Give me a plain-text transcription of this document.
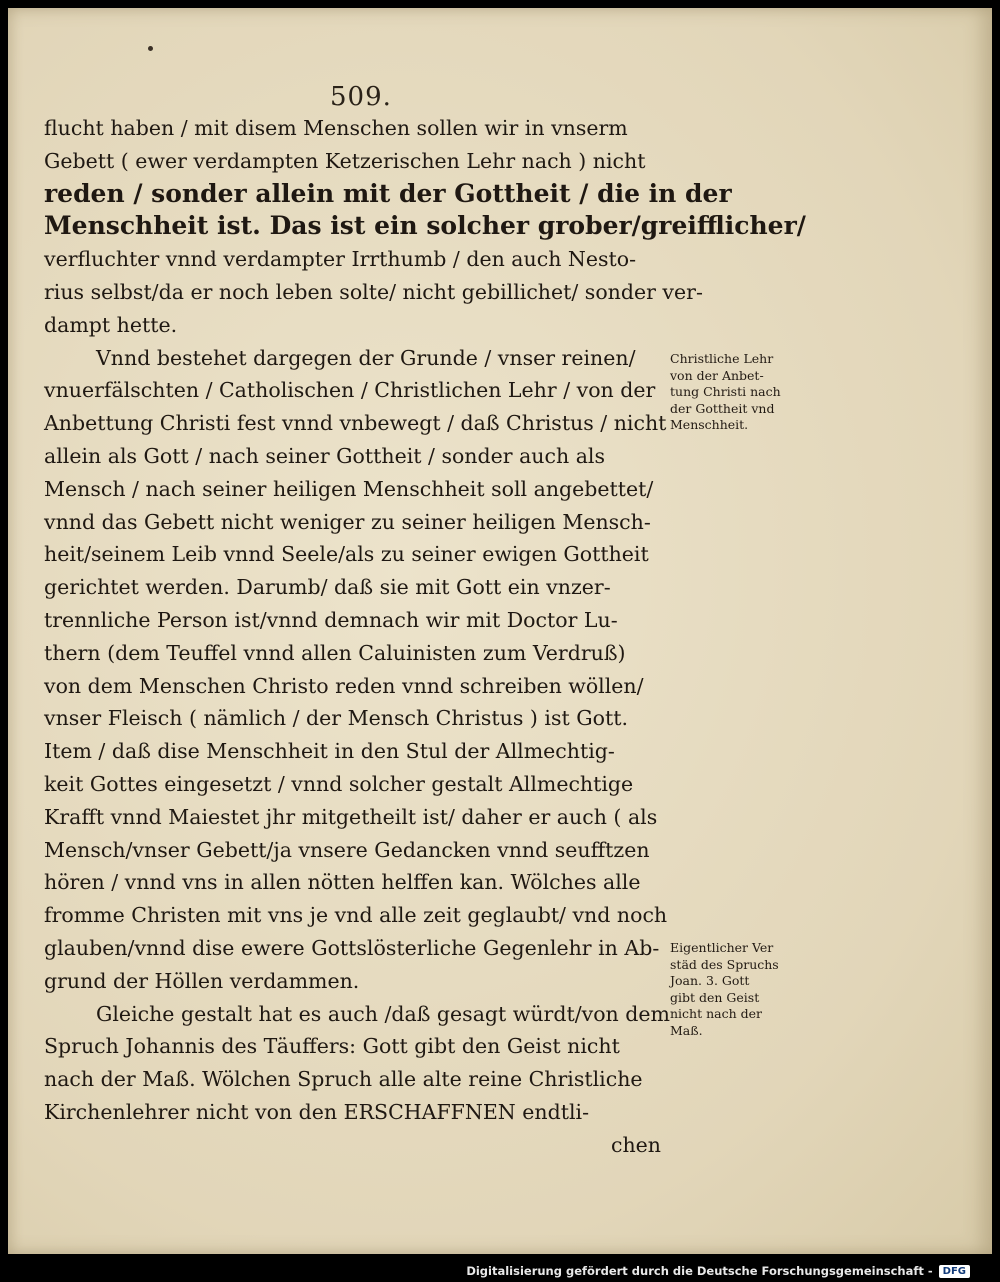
509.
flucht haben / mit disem Menschen sollen wir in vnserm
Gebett ( ewer verdampten Ketzerischen Lehr nach ) nicht
reden / sonder allein mit der Gottheit / die in der
Menschheit ist. Das ist ein solcher grober/greifflicher/
verfluchter vnnd verdampter Irrthumb / den auch Nesto-
rius selbst/da er noch leben solte/ nicht gebillichet/ sonder ver-
dampt hette.
Vnnd bestehet dargegen der Grunde / vnser reinen/
vnuerfälschten / Catholischen / Christlichen Lehr / von der
Anbettung Christi fest vnnd vnbewegt / daß Christus / nicht
allein als Gott / nach seiner Gottheit / sonder auch als
Mensch / nach seiner heiligen Menschheit soll angebettet/
vnnd das Gebett nicht weniger zu seiner heiligen Mensch-
heit/seinem Leib vnnd Seele/als zu seiner ewigen Gottheit
gerichtet werden. Darumb/ daß sie mit Gott ein vnzer-
trennliche Person ist/vnnd demnach wir mit Doctor Lu-
thern (dem Teuffel vnnd allen Caluinisten zum Verdruß)
von dem Menschen Christo reden vnnd schreiben wöllen/
vnser Fleisch ( nämlich / der Mensch Christus ) ist Gott.
Item / daß dise Menschheit in den Stul der Allmechtig-
keit Gottes eingesetzt / vnnd solcher gestalt Allmechtige
Krafft vnnd Maiestet jhr mitgetheilt ist/ daher er auch ( als
Mensch/vnser Gebett/ja vnsere Gedancken vnnd seufftzen
hören / vnnd vns in allen nötten helffen kan. Wölches alle
fromme Christen mit vns je vnd alle zeit geglaubt/ vnd noch
glauben/vnnd dise ewere Gottslösterliche Gegenlehr in Ab-
grund der Höllen verdammen.
Gleiche gestalt hat es auch /daß gesagt würdt/von dem
Spruch Johannis des Täuffers: Gott gibt den Geist nicht
nach der Maß. Wölchen Spruch alle alte reine Christliche
Kirchenlehrer nicht von den ERSCHAFFNEN endtli-
chen
Christliche Lehr
von der Anbet-
tung Christi nach
der Gottheit vnd
Menschheit.
Eigentlicher Ver
städ des Spruchs
Joan. 3. Gott
gibt den Geist
nicht nach der
Maß.
Digitalisierung gefördert durch die Deutsche Forschungsgemeinschaft -	DFG
